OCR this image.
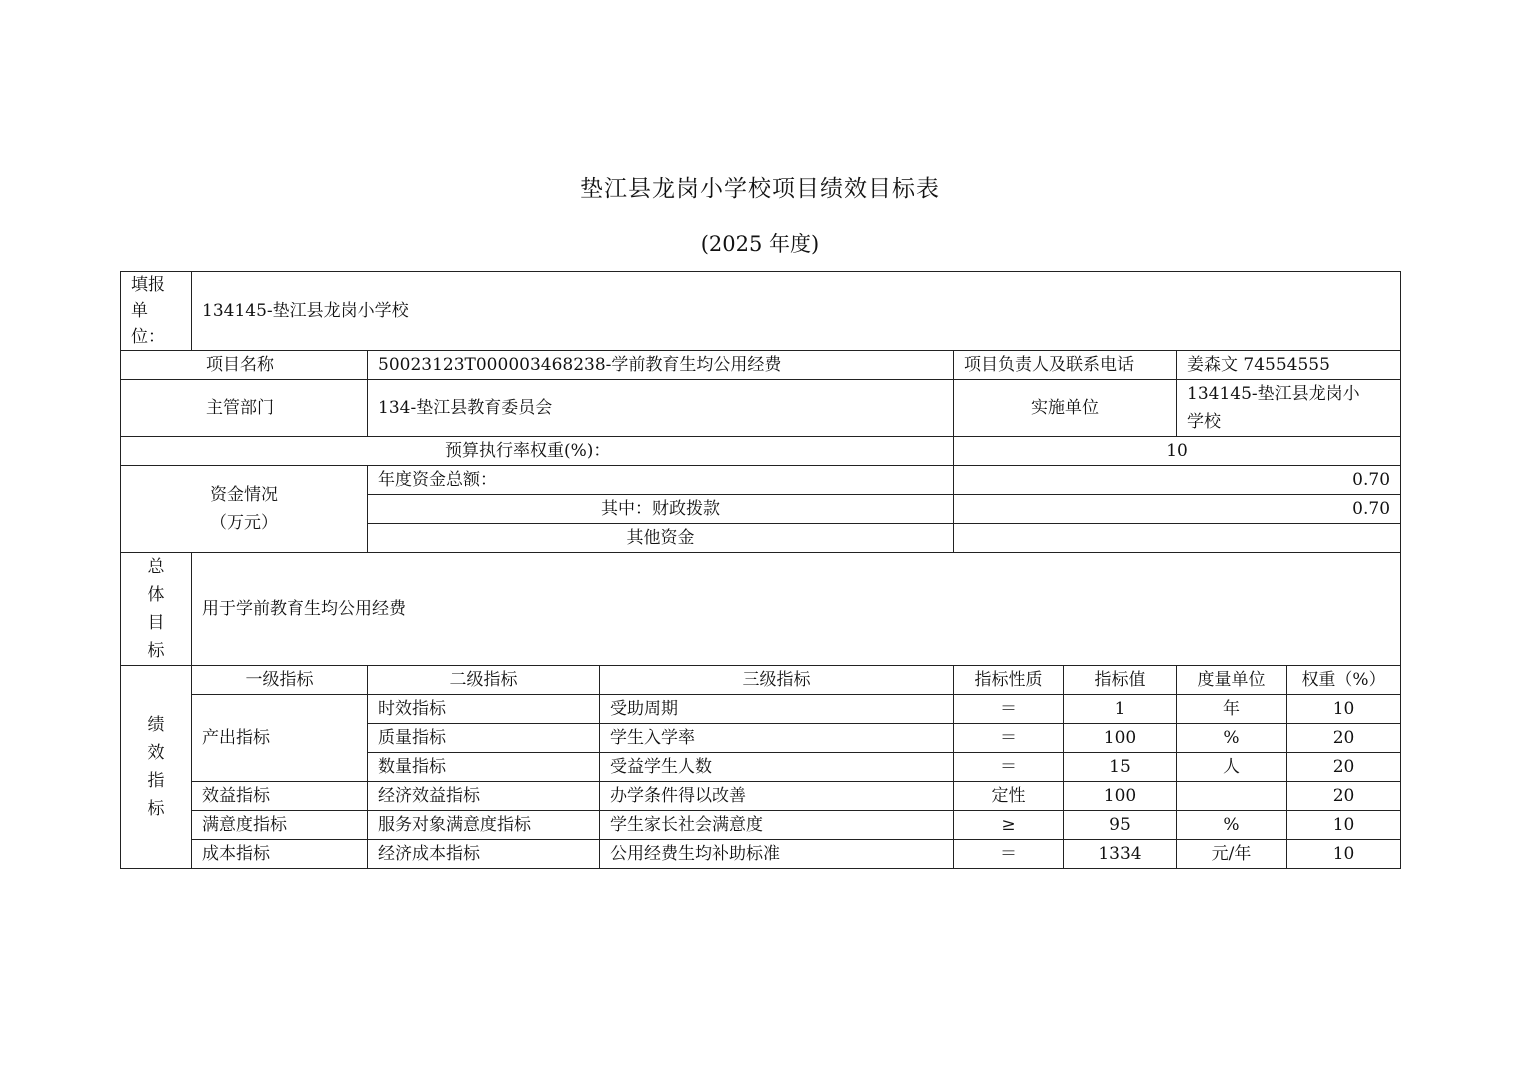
垫江县龙岗小学校项目绩效目标表
(2025 年度)
填报
单位：	134145-垫江县龙岗小学校						
项目名称		50023123T000003468238-学前教育生均公用经费		项目负责人及联系电话		姜森文 74554555	
主管部门		134-垫江县教育委员会		实施单位		134145-垫江县龙岗小
学校	
预算执行率权重(%)：				10			
资金情况
（万元）		年度资金总额：		0.70			
		其中：财政拨款		0.70			
		其他资金					

总
体
目
标	用于学前教育生均公用经费						

绩
效
指
标	一级指标	二级指标	三级指标	指标性质	指标值	度量单位	权重（%）
	产出指标	时效指标	受助周期	＝	1	年	10
		质量指标	学生入学率	＝	100	%	20
		数量指标	受益学生人数	＝	15	人	20
	效益指标	经济效益指标	办学条件得以改善	定性	100		20
	满意度指标	服务对象满意度指标	学生家长社会满意度	≥	95	%	10
	成本指标	经济成本指标	公用经费生均补助标准	＝	1334	元/年	10
